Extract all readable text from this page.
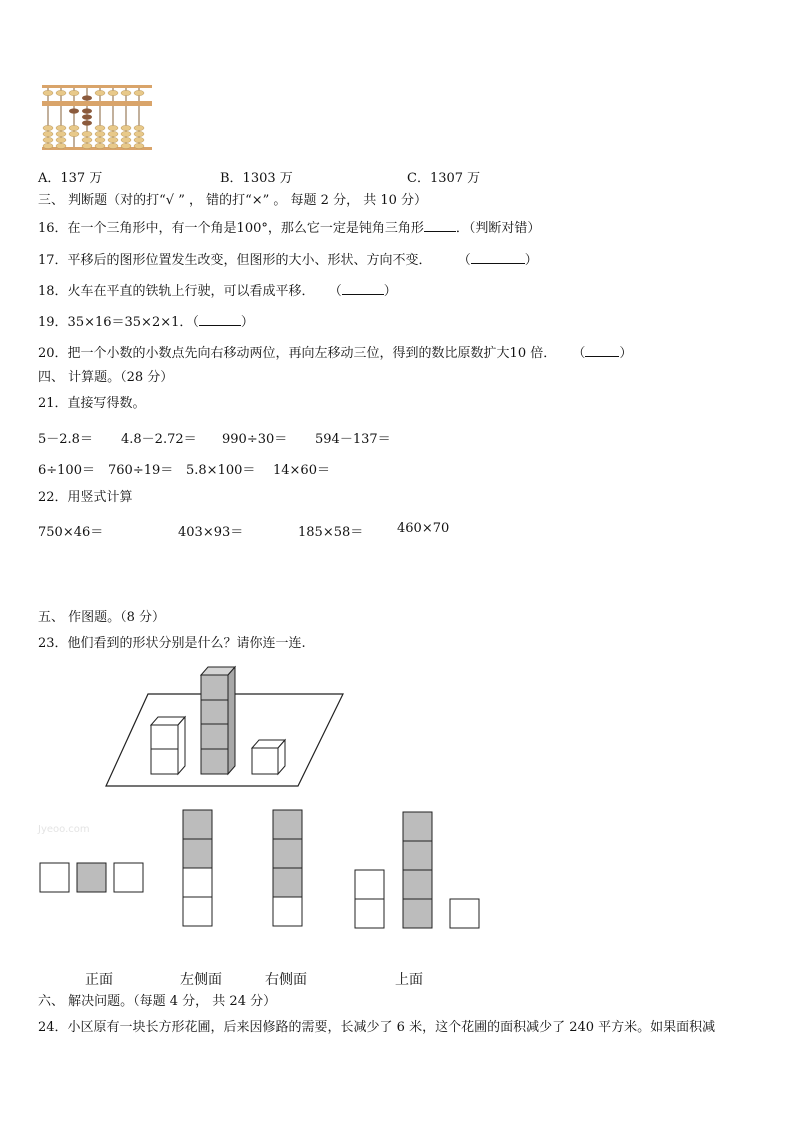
A．137 万	B．1303 万	C．1307 万
三、 判断题（对的打“√ ” ， 错的打“×” 。 每题 2 分， 共 10 分）
16．在一个三角形中，有一个角是100°，那么它一定是钝角三角形 ．（判断对错）
17．平移后的图形位置发生改变，但图形的大小、形状、方向不变． （	）
18．火车在平直的铁轨上行驶，可以看成平移． （	）
19．35×16＝35×2×1．（	）
20．把一个小数的小数点先向右移动两位，再向左移动三位，得到的数比原数扩大10 倍． （	）
四、 计算题。（28 分）
21．直接写得数。
5－2.8＝ 4.8－2.72＝ 990÷30＝ 594－137＝
6÷100＝ 760÷19＝ 5.8×100＝ 14×60＝
22．用竖式计算
750×46＝	403×93＝	185×58＝	460×70
五、 作图题。（8 分）
23．他们看到的形状分别是什么？请你连一连.
Jyeoo.com
正面	左侧面	右侧面	上面
六、 解决问题。（每题 4 分， 共 24 分）
24．小区原有一块长方形花圃，后来因修路的需要，长减少了 6 米，这个花圃的面积减少了 240 平方米。如果面积减
